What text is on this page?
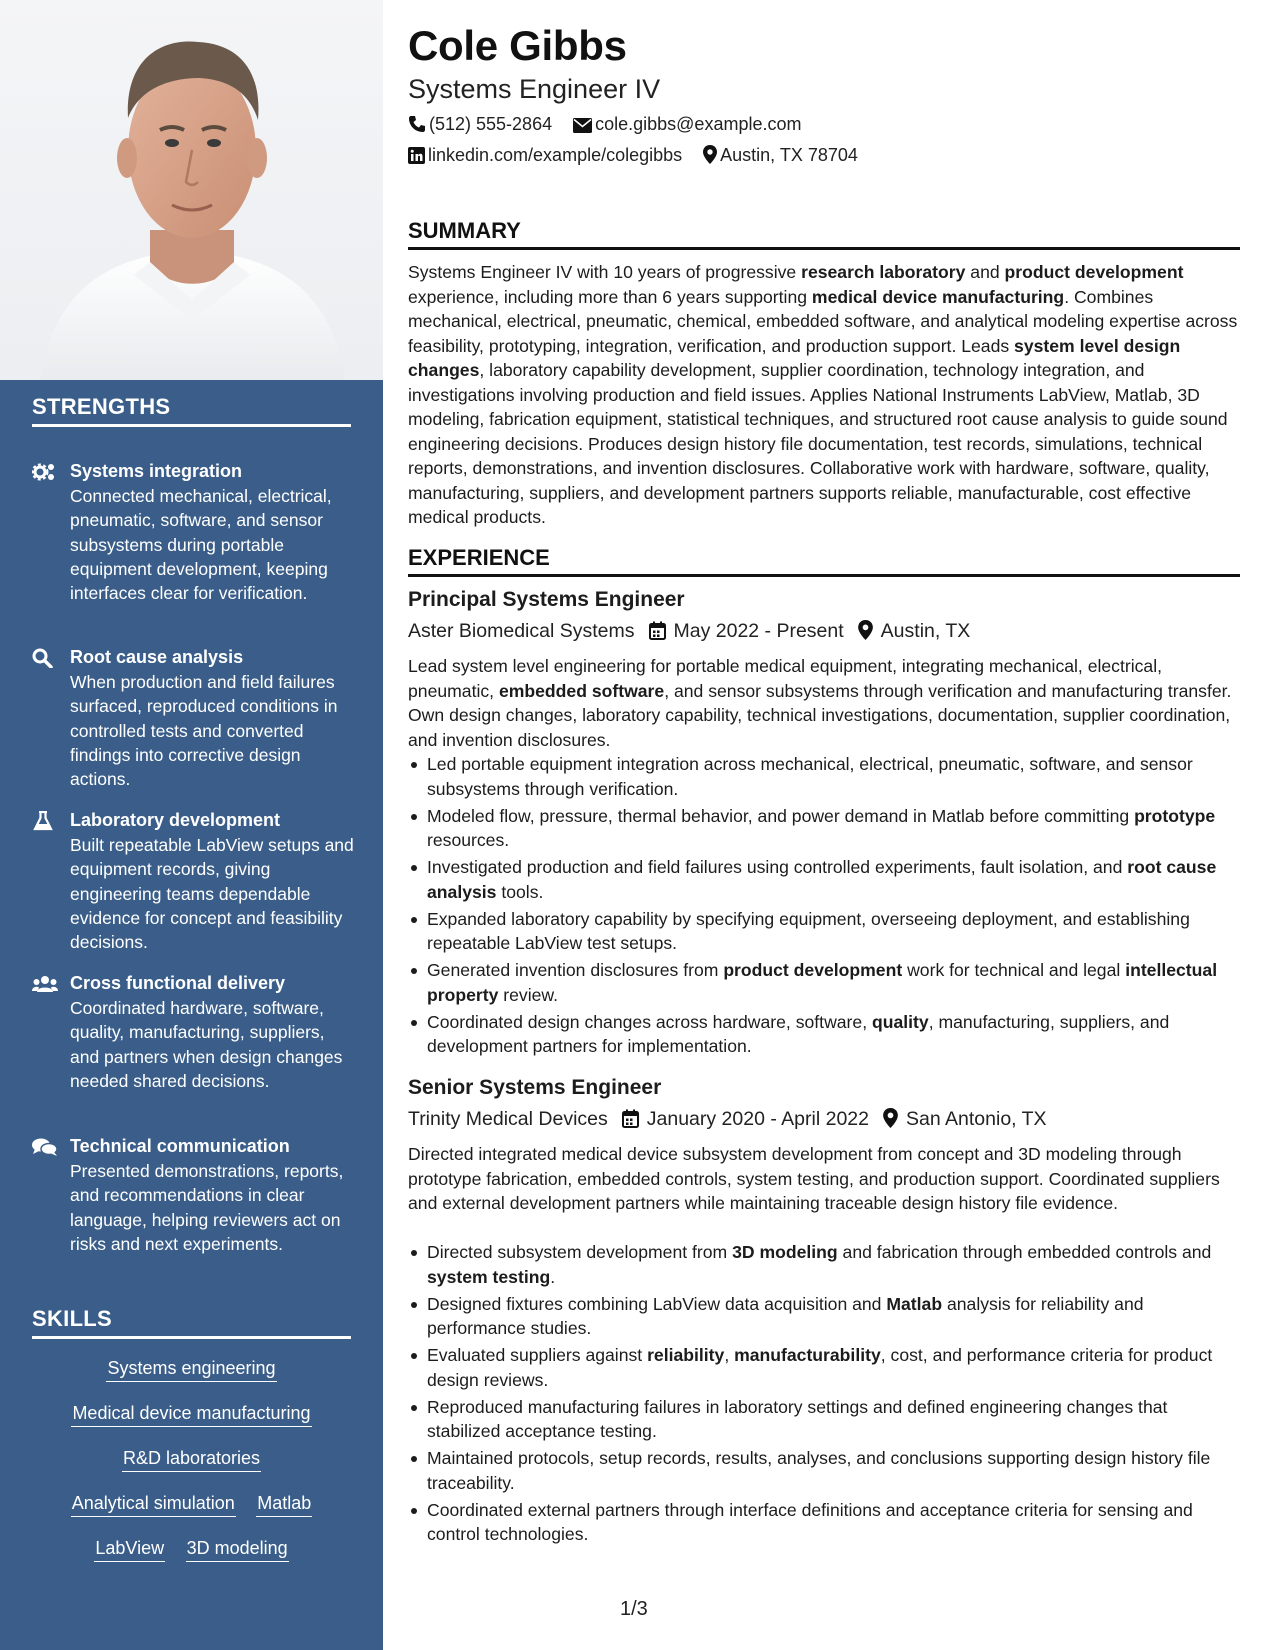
STRENGTHS
Systems integration
Connected mechanical, electrical, pneumatic, software, and sensor subsystems during portable equipment development, keeping interfaces clear for verification.
Root cause analysis
When production and field failures surfaced, reproduced conditions in controlled tests and converted findings into corrective design actions.
Laboratory development
Built repeatable LabView setups and equipment records, giving engineering teams dependable evidence for concept and feasibility decisions.
Cross functional delivery
Coordinated hardware, software, quality, manufacturing, suppliers, and partners when design changes needed shared decisions.
Technical communication
Presented demonstrations, reports, and recommendations in clear language, helping reviewers act on risks and next experiments.
SKILLS
Systems engineering
Medical device manufacturing
R&D laboratories
Analytical simulation Matlab
LabView 3D modeling
Cole Gibbs
Systems Engineer IV
(512) 555-2864 cole.gibbs@example.com
linkedin.com/example/colegibbs Austin, TX 78704
SUMMARY
Systems Engineer IV with 10 years of progressive research laboratory and product development experience, including more than 6 years supporting medical device manufacturing. Combines mechanical, electrical, pneumatic, chemical, embedded software, and analytical modeling expertise across feasibility, prototyping, integration, verification, and production support. Leads system level design changes, laboratory capability development, supplier coordination, technology integration, and investigations involving production and field issues. Applies National Instruments LabView, Matlab, 3D modeling, fabrication equipment, statistical techniques, and structured root cause analysis to guide sound engineering decisions. Produces design history file documentation, test records, simulations, technical reports, demonstrations, and invention disclosures. Collaborative work with hardware, software, quality, manufacturing, suppliers, and development partners supports reliable, manufacturable, cost effective medical products.
EXPERIENCE
Principal Systems Engineer
Aster Biomedical Systems May 2022 - Present Austin, TX
Lead system level engineering for portable medical equipment, integrating mechanical, electrical, pneumatic, embedded software, and sensor subsystems through verification and manufacturing transfer. Own design changes, laboratory capability, technical investigations, documentation, supplier coordination, and invention disclosures.
Led portable equipment integration across mechanical, electrical, pneumatic, software, and sensor subsystems through verification.
Modeled flow, pressure, thermal behavior, and power demand in Matlab before committing prototype resources.
Investigated production and field failures using controlled experiments, fault isolation, and root cause analysis tools.
Expanded laboratory capability by specifying equipment, overseeing deployment, and establishing repeatable LabView test setups.
Generated invention disclosures from product development work for technical and legal intellectual property review.
Coordinated design changes across hardware, software, quality, manufacturing, suppliers, and development partners for implementation.
Senior Systems Engineer
Trinity Medical Devices January 2020 - April 2022 San Antonio, TX
Directed integrated medical device subsystem development from concept and 3D modeling through prototype fabrication, embedded controls, system testing, and production support. Coordinated suppliers and external development partners while maintaining traceable design history file evidence.
Directed subsystem development from 3D modeling and fabrication through embedded controls and system testing.
Designed fixtures combining LabView data acquisition and Matlab analysis for reliability and performance studies.
Evaluated suppliers against reliability, manufacturability, cost, and performance criteria for product design reviews.
Reproduced manufacturing failures in laboratory settings and defined engineering changes that stabilized acceptance testing.
Maintained protocols, setup records, results, analyses, and conclusions supporting design history file traceability.
Coordinated external partners through interface definitions and acceptance criteria for sensing and control technologies.
1/3
